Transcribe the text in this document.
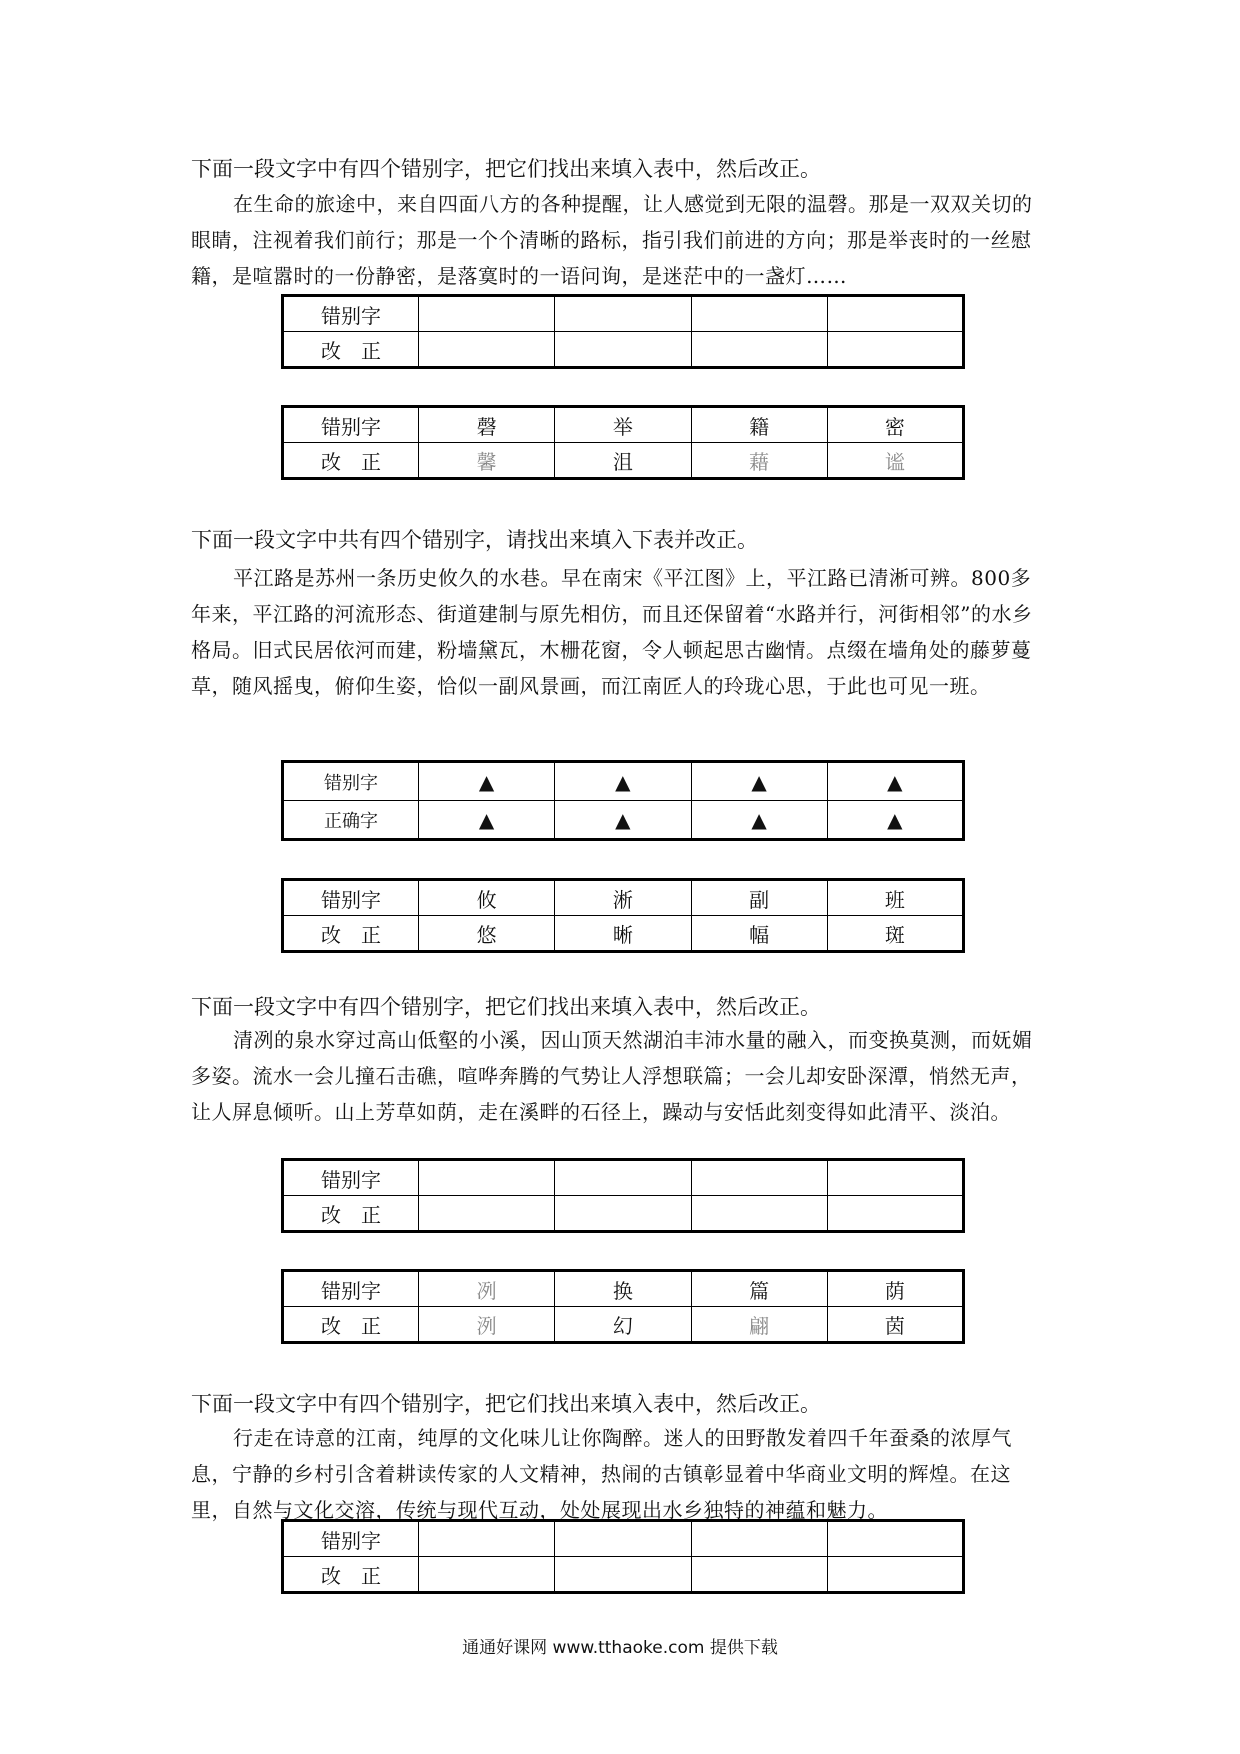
下面一段文字中有四个错别字，把它们找出来填入表中，然后改正。

在生命的旅途中，来自四面八方的各种提醒，让人感觉到无限的温磬。那是一双双关切的眼睛，注视着我们前行；那是一个个清晰的路标，指引我们前进的方向；那是举丧时的一丝慰籍，是喧嚣时的一份静密，是落寞时的一语问询，是迷茫中的一盏灯……

错别字				
改　正				
错别字	磬	举	籍	密
改　正	馨	沮	藉	谧
下面一段文字中共有四个错别字，请找出来填入下表并改正。

平江路是苏州一条历史攸久的水巷。早在南宋《平江图》上，平江路已清淅可辨。800多年来，平江路的河流形态、街道建制与原先相仿，而且还保留着“水路并行，河街相邻”的水乡格局。旧式民居依河而建，粉墙黛瓦，木栅花窗，令人顿起思古幽情。点缀在墙角处的藤萝蔓草，随风摇曳，俯仰生姿，恰似一副风景画，而江南匠人的玲珑心思，于此也可见一班。

错别字	▲	▲	▲	▲
正确字	▲	▲	▲	▲
错别字	攸	淅	副	班
改　正	悠	晰	幅	斑
下面一段文字中有四个错别字，把它们找出来填入表中，然后改正。

清冽的泉水穿过高山低壑的小溪，因山顶天然湖泊丰沛水量的融入，而变换莫测，而妩媚多姿。流水一会儿撞石击礁，喧哗奔腾的气势让人浮想联篇；一会儿却安卧深潭，悄然无声，让人屏息倾听。山上芳草如荫，走在溪畔的石径上，躁动与安恬此刻变得如此清平、淡泊。

错别字				
改　正				
错别字	冽	换	篇	荫
改　正	洌	幻	翩	茵
下面一段文字中有四个错别字，把它们找出来填入表中，然后改正。

行走在诗意的江南，纯厚的文化味儿让你陶醉。迷人的田野散发着四千年蚕桑的浓厚气息，宁静的乡村引含着耕读传家的人文精神，热闹的古镇彰显着中华商业文明的辉煌。在这里，自然与文化交溶，传统与现代互动，处处展现出水乡独特的神蕴和魅力。

错别字				
改　正				
通通好课网 www.tthaoke.com 提供下载
